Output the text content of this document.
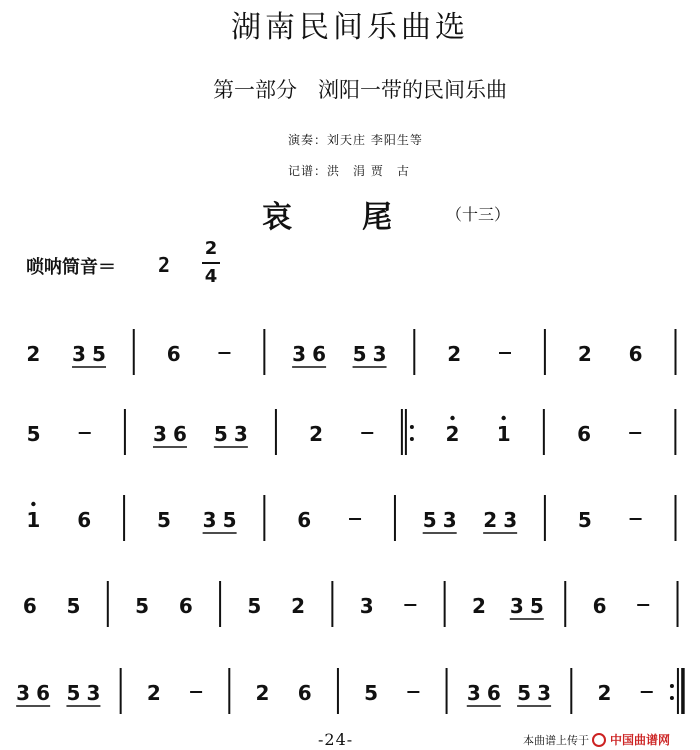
湖南民间乐曲选
第一部分　浏阳一带的民间乐曲
演奏：刘天庄 李阳生等
记谱：洪　涓 贾　古
哀尾
（十三）
唢呐筒音＝ 2
2
4
2 3 5	6	3 6 5 3	2	2 6
5	3 6 5 3	2	2 1	6
1 6	5 3 5	6	5 3 2 3	5
6 5	5 6	5 2	3	2 3 5 6
3 6 5 3 2	2 6	5	3 6 5 3 2
-24-	本曲谱上传于 中国曲谱网
